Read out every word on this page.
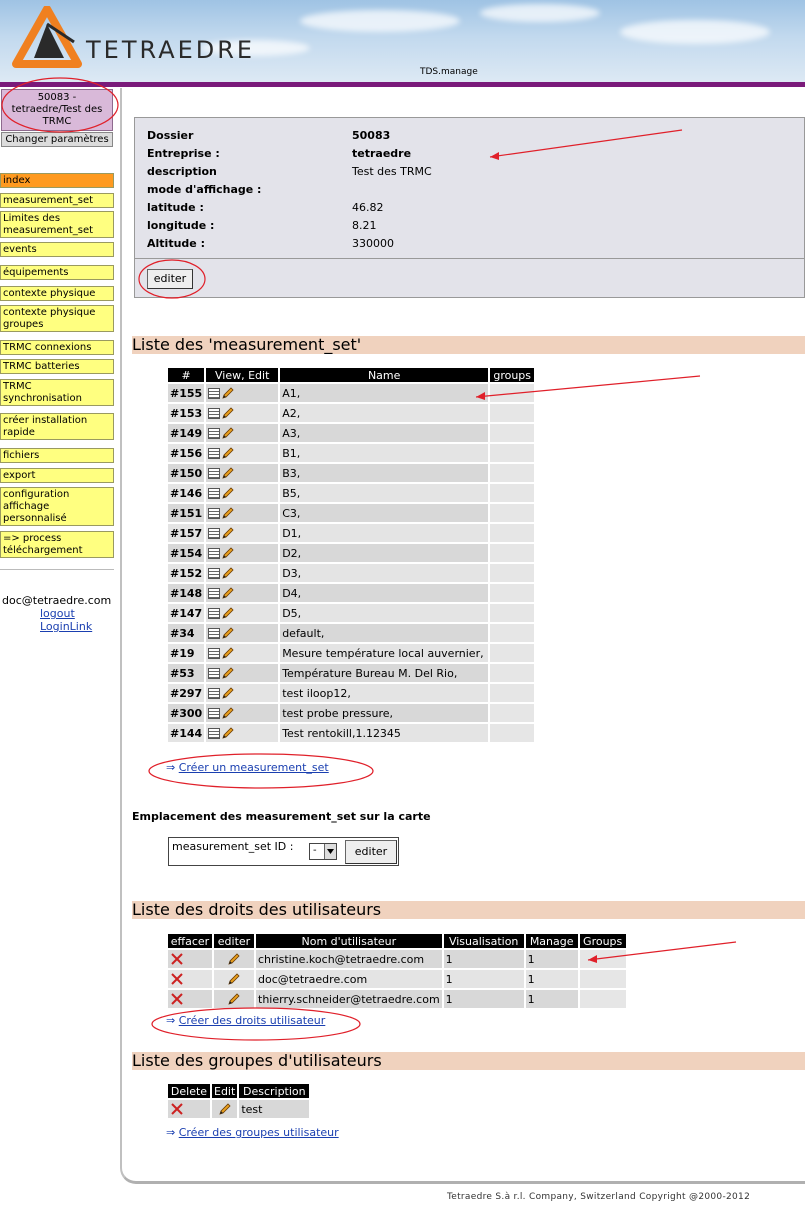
TETRAEDRE
TDS.manage
50083 - tetraedre/Test des TRMC
Changer paramètres
index
measurement_set
Limites des measurement_set
events
équipements
contexte physique
contexte physique groupes
TRMC connexions
TRMC batteries
TRMC synchronisation
créer installation rapide
fichiers
export
configuration affichage personnalisé
=> process téléchargement
doc@tetraedre.com
logout
LoginLink
Dossier	50083
Entreprise :	tetraedre
description	Test des TRMC
mode d'affichage :	
latitude :	46.82
longitude :	8.21
Altitude :	330000
editer
Liste des 'measurement_set'
#	View, Edit	Name	groups
#155		A1,	
#153		A2,	
#149		A3,	
#156		B1,	
#150		B3,	
#146		B5,	
#151		C3,	
#157		D1,	
#154		D2,	
#152		D3,	
#148		D4,	
#147		D5,	
#34		default,	
#19		Mesure température local auvernier,	
#53		Température Bureau M. Del Rio,	
#297		test iloop12,	
#300		test probe pressure,	
#144		Test rentokill,1.12345	
⇒ Créer un measurement_set
Emplacement des measurement_set sur la carte
measurement_set ID : -	editer
Liste des droits des utilisateurs
effacer	editer	Nom d'utilisateur	Visualisation	Manage	Groups
		christine.koch@tetraedre.com	1	1	
		doc@tetraedre.com	1	1	
		thierry.schneider@tetraedre.com	1	1	
⇒ Créer des droits utilisateur
Liste des groupes d'utilisateurs
Delete	Edit	Description
		test
⇒ Créer des groupes utilisateur
Tetraedre S.à r.l. Company, Switzerland Copyright @2000-2012
